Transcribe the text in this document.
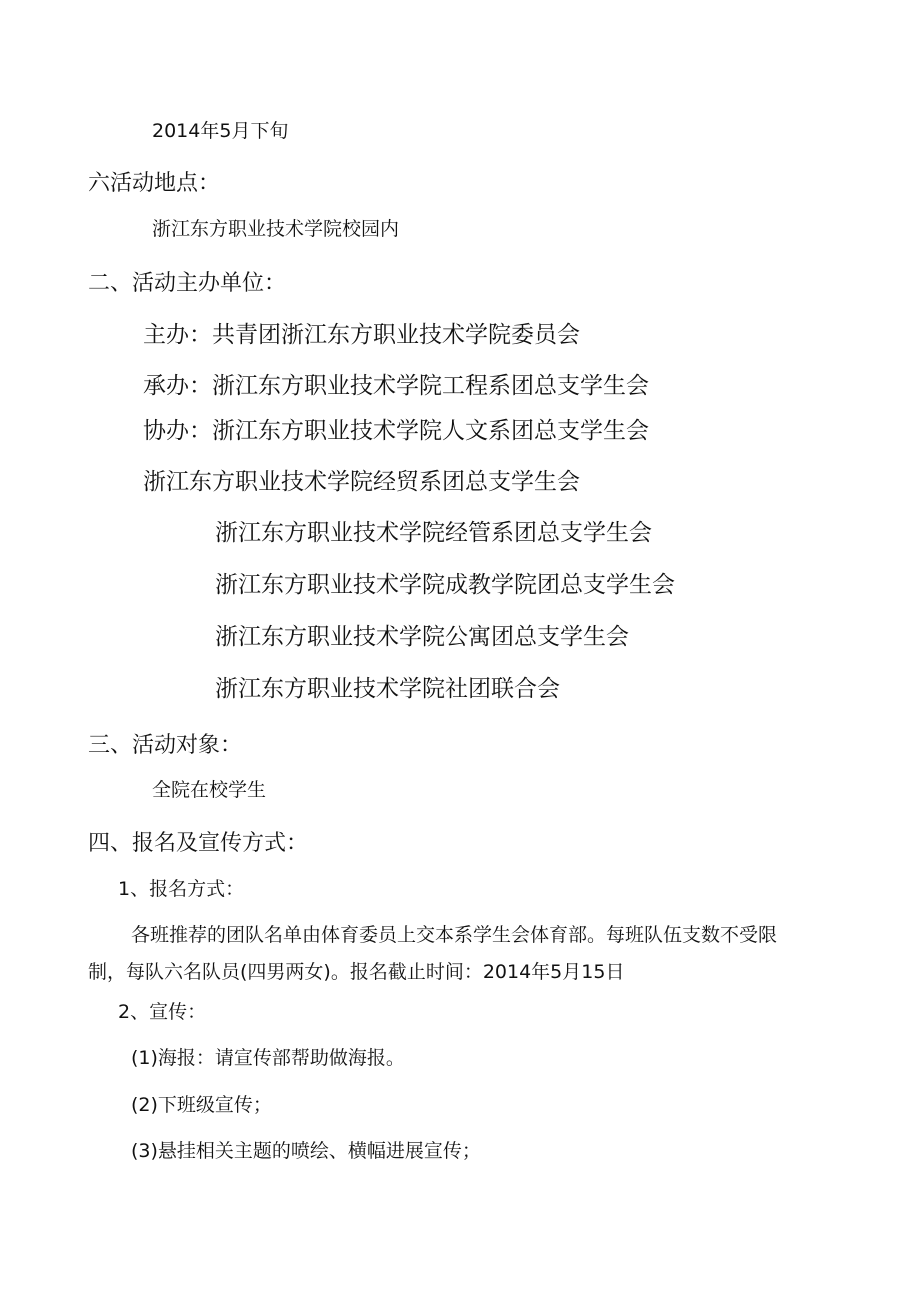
2014年5月下旬
六活动地点：
浙江东方职业技术学院校园内
二、活动主办单位：
主办：共青团浙江东方职业技术学院委员会
承办：浙江东方职业技术学院工程系团总支学生会
协办：浙江东方职业技术学院人文系团总支学生会
浙江东方职业技术学院经贸系团总支学生会
浙江东方职业技术学院经管系团总支学生会
浙江东方职业技术学院成教学院团总支学生会
浙江东方职业技术学院公寓团总支学生会
浙江东方职业技术学院社团联合会
三、活动对象：
全院在校学生
四、报名及宣传方式：
1、报名方式：
各班推荐的团队名单由体育委员上交本系学生会体育部。每班队伍支数不受限
制，每队六名队员(四男两女)。报名截止时间：2014年5月15日
2、宣传：
(1)海报：请宣传部帮助做海报。
(2)下班级宣传；
(3)悬挂相关主题的喷绘、横幅进展宣传；
